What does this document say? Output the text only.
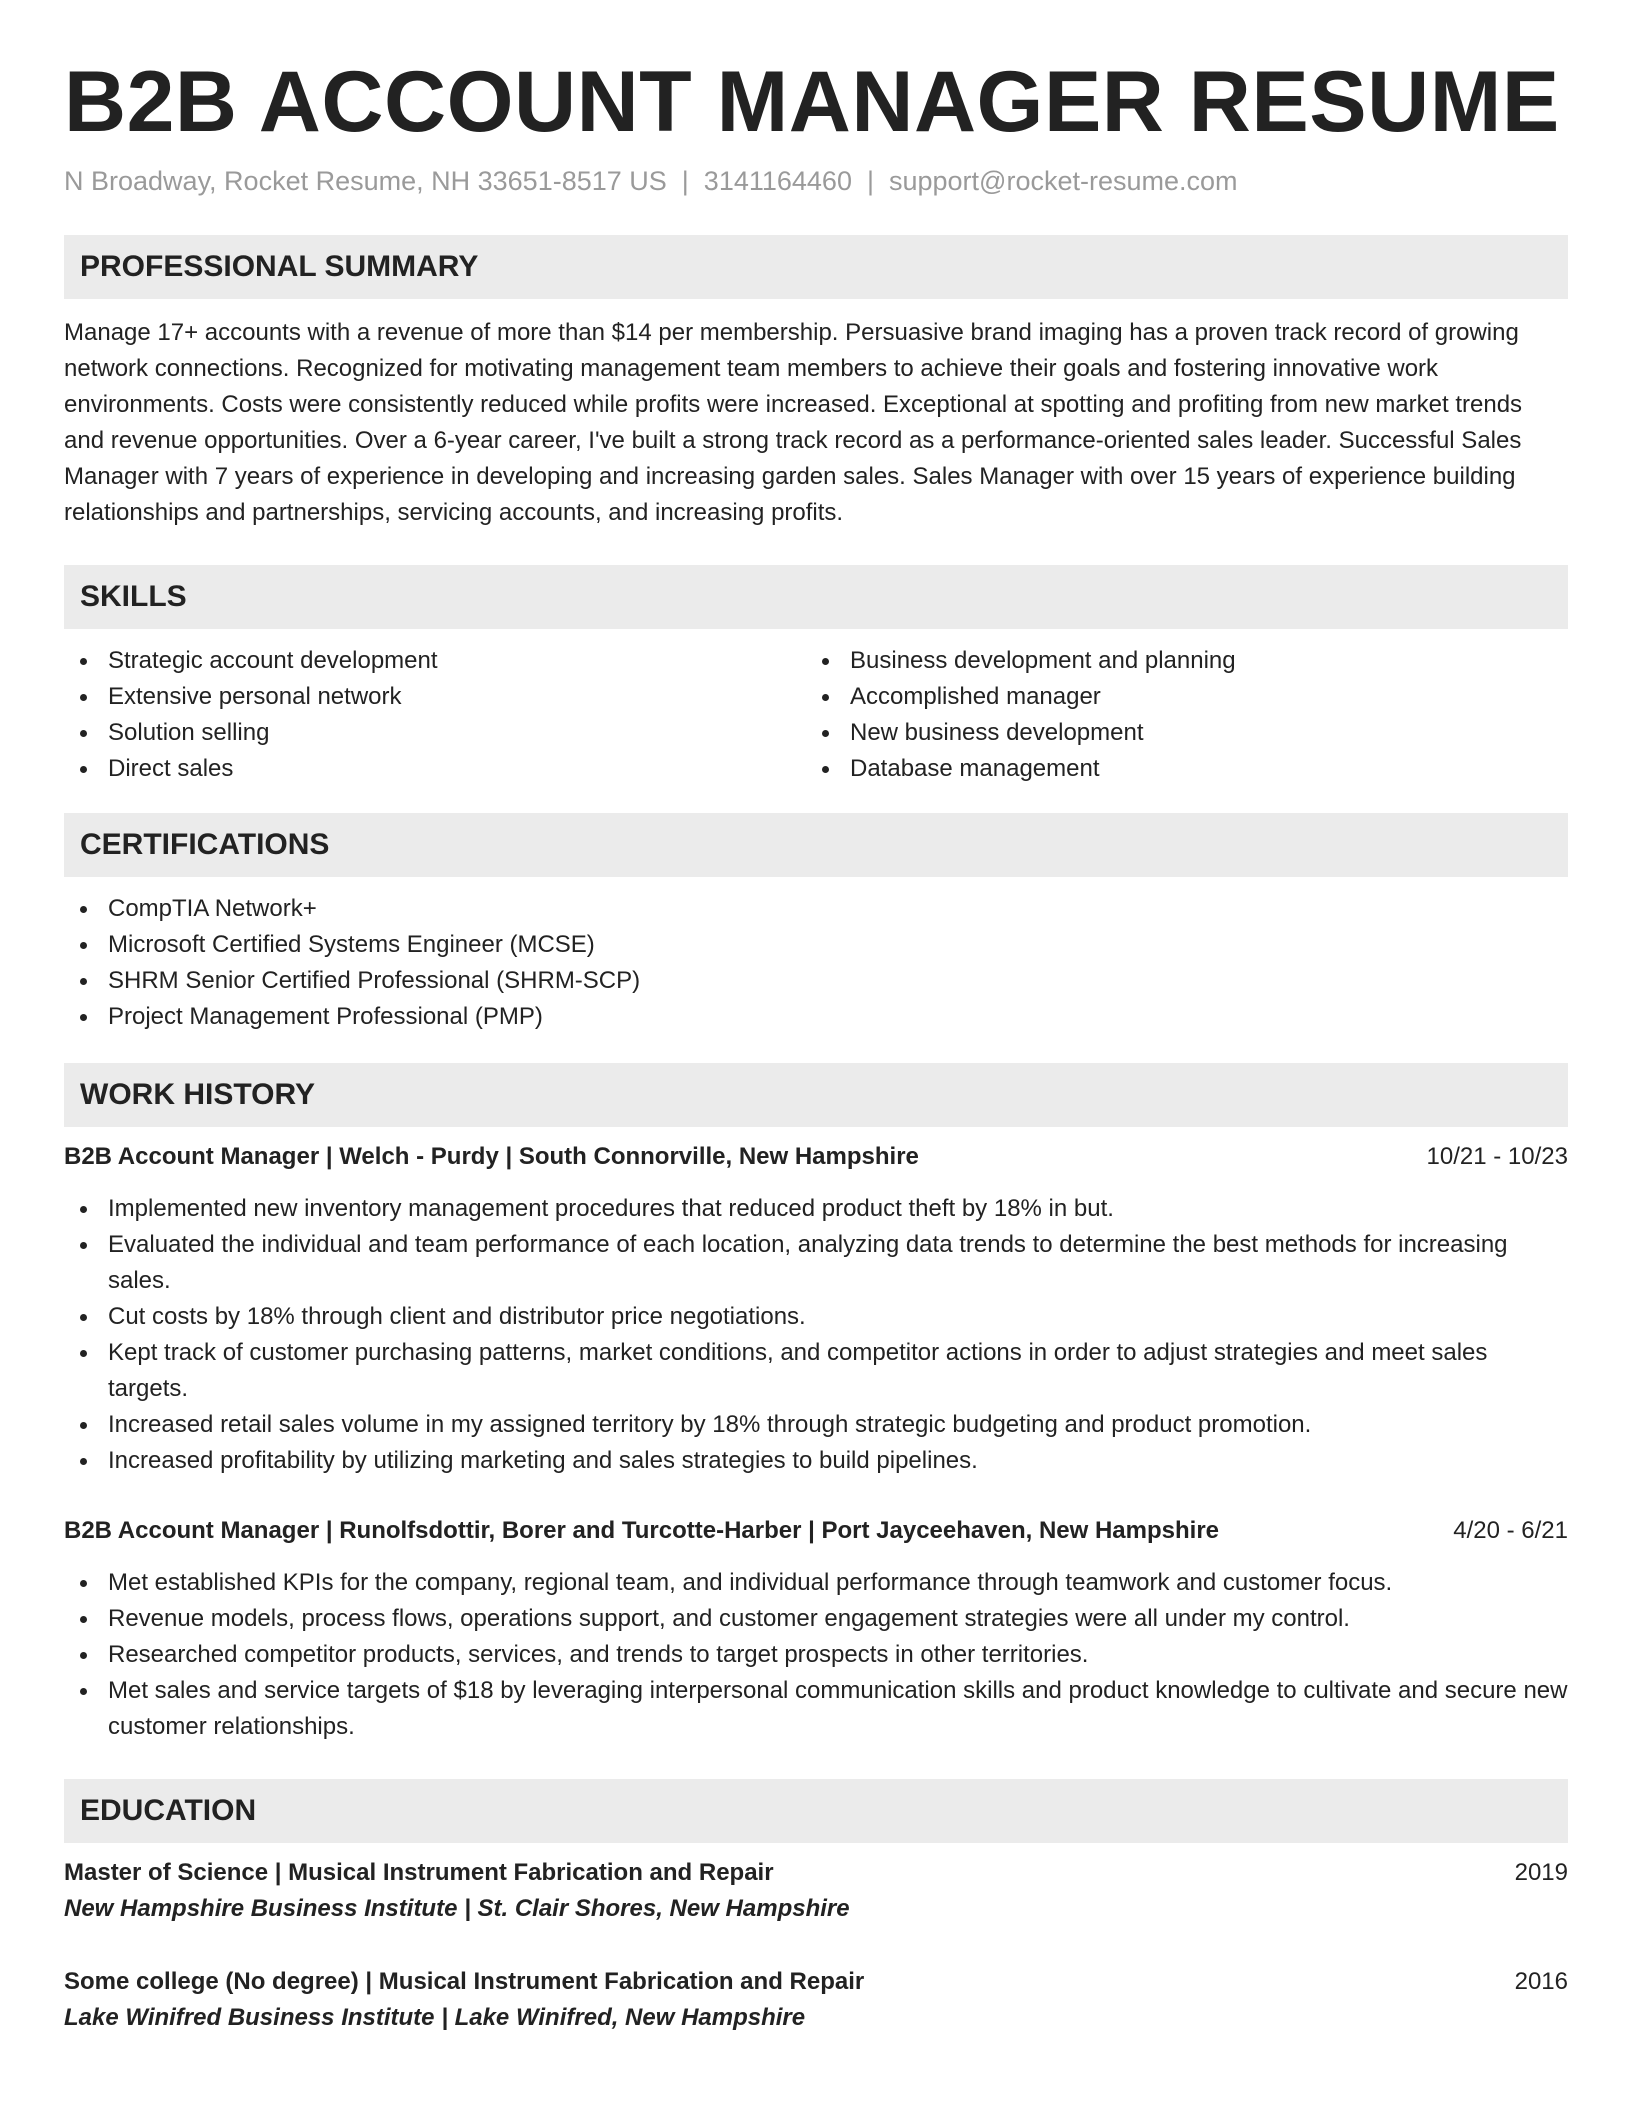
B2B ACCOUNT MANAGER RESUME
N Broadway, Rocket Resume, NH 33651-8517 US | 3141164460 | support@rocket-resume.com
PROFESSIONAL SUMMARY

Manage 17+ accounts with a revenue of more than $14 per membership. Persuasive brand imaging has a proven track record of growing network connections. Recognized for motivating management team members to achieve their goals and fostering innovative work environments. Costs were consistently reduced while profits were increased. Exceptional at spotting and profiting from new market trends and revenue opportunities. Over a 6-year career, I've built a strong track record as a performance-oriented sales leader. Successful Sales Manager with 7 years of experience in developing and increasing garden sales. Sales Manager with over 15 years of experience building relationships and partnerships, servicing accounts, and increasing profits.

SKILLS
Strategic account development
Extensive personal network
Solution selling
Direct sales
Business development and planning
Accomplished manager
New business development
Database management
CERTIFICATIONS
CompTIA Network+
Microsoft Certified Systems Engineer (MCSE)
SHRM Senior Certified Professional (SHRM-SCP)
Project Management Professional (PMP)
WORK HISTORY
B2B Account Manager | Welch - Purdy | South Connorville, New Hampshire	10/21 - 10/23
Implemented new inventory management procedures that reduced product theft by 18% in but.
Evaluated the individual and team performance of each location, analyzing data trends to determine the best methods for increasing sales.
Cut costs by 18% through client and distributor price negotiations.
Kept track of customer purchasing patterns, market conditions, and competitor actions in order to adjust strategies and meet sales targets.
Increased retail sales volume in my assigned territory by 18% through strategic budgeting and product promotion.
Increased profitability by utilizing marketing and sales strategies to build pipelines.
B2B Account Manager | Runolfsdottir, Borer and Turcotte-Harber | Port Jayceehaven, New Hampshire	4/20 - 6/21
Met established KPIs for the company, regional team, and individual performance through teamwork and customer focus.
Revenue models, process flows, operations support, and customer engagement strategies were all under my control.
Researched competitor products, services, and trends to target prospects in other territories.
Met sales and service targets of $18 by leveraging interpersonal communication skills and product knowledge to cultivate and secure new customer relationships.
EDUCATION
Master of Science | Musical Instrument Fabrication and Repair	2019
New Hampshire Business Institute | St. Clair Shores, New Hampshire
Some college (No degree) | Musical Instrument Fabrication and Repair	2016
Lake Winifred Business Institute | Lake Winifred, New Hampshire
